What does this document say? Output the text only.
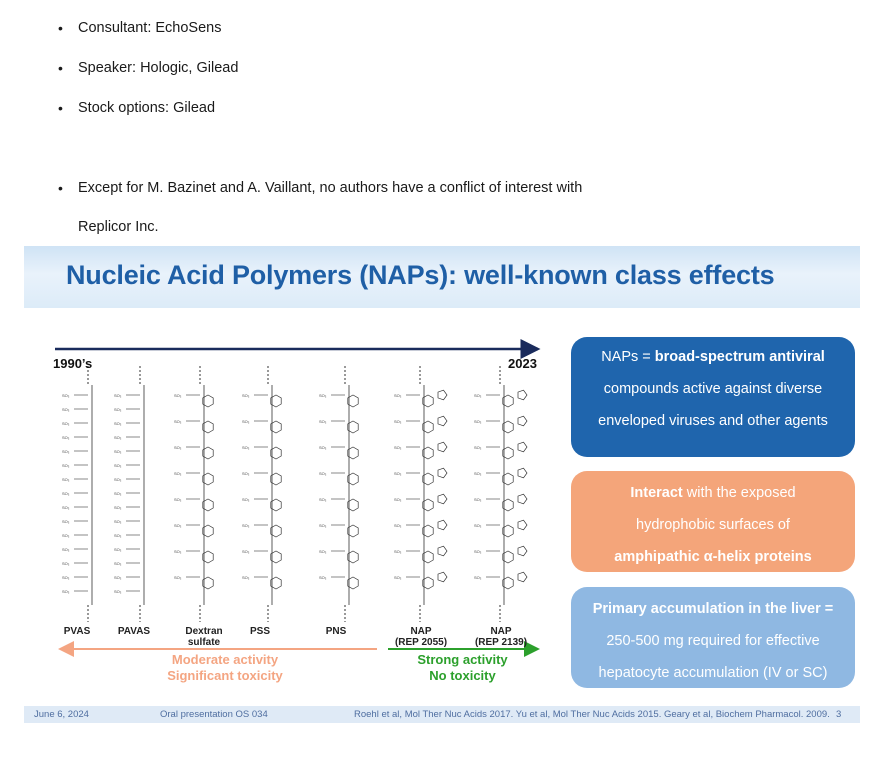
•	Consultant: EchoSens
•	Speaker: Hologic, Gilead
•	Stock options: Gilead
•	Except for M. Bazinet and A. Vaillant, no authors have a conflict of interest with
Replicor Inc.
Nucleic Acid Polymers (NAPs): well-known class effects
SO₃
SO₃
SO₃
SO₃
SO₃
SO₃
SO₃
SO₃
SO₃
SO₃
SO₃
SO₃
SO₃
SO₃
SO₃
SO₃
SO₃
SO₃
SO₃
SO₃
SO₃
SO₃
SO₃
SO₃
SO₃
SO₃
SO₃
SO₃
SO₃
SO₃
SO₃
SO₃
SO₃
SO₃
SO₃
SO₃
SO₃
SO₃
SO₃
SO₃
SO₃
SO₃
SO₃
SO₃
SO₃
SO₃
SO₃
SO₃
SO₃
SO₃
SO₃
SO₃
SO₃
SO₃
SO₃
SO₃
SO₃
SO₃
SO₃
SO₃
SO₃
SO₃
SO₃
SO₃
SO₃
SO₃
SO₃
SO₃
SO₃
SO₃
1990’s	2023
PVAS	PAVAS	Dextran
sulfate
PSS	PNS	NAP
(REP 2055)
NAP
(REP 2139)
Moderate activity
Significant toxicity
Strong activity
No toxicity
NAPs = broad-spectrum antiviral
compounds active against diverse
enveloped viruses and other agents
Interact with the exposed
hydrophobic surfaces of
amphipathic α-helix proteins
Primary accumulation in the liver =
250-500 mg required for effective
hepatocyte accumulation (IV or SC)
June 6, 2024	Oral presentation OS 034	Roehl et al, Mol Ther Nuc Acids 2017. Yu et al, Mol Ther Nuc Acids 2015. Geary et al, Biochem Pharmacol. 2009. 3
